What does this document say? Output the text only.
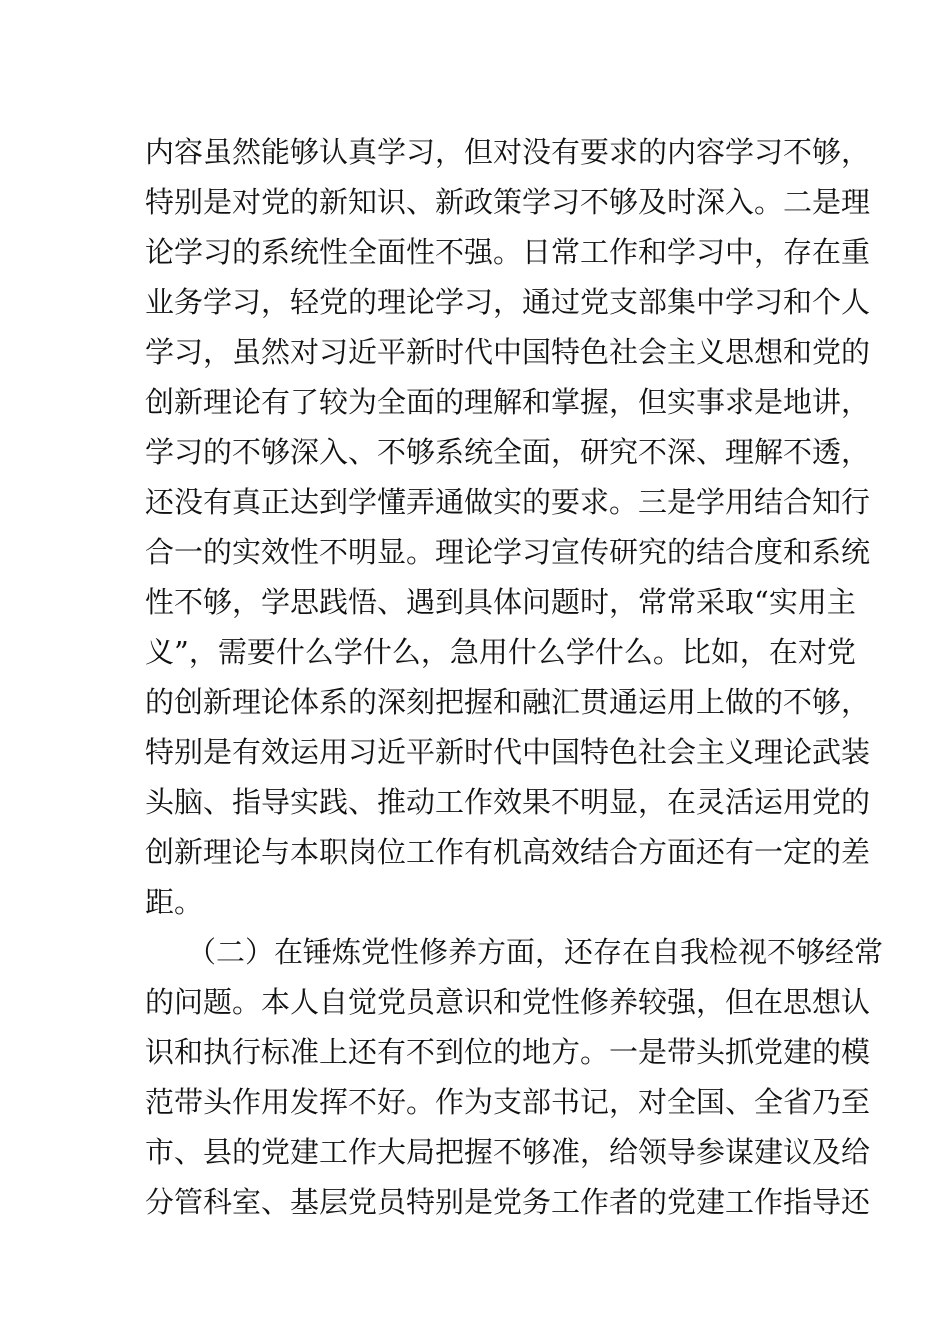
内容虽然能够认真学习，但对没有要求的内容学习不够，
特别是对党的新知识、新政策学习不够及时深入。二是理
论学习的系统性全面性不强。日常工作和学习中，存在重
业务学习，轻党的理论学习，通过党支部集中学习和个人
学习，虽然对习近平新时代中国特色社会主义思想和党的
创新理论有了较为全面的理解和掌握，但实事求是地讲，
学习的不够深入、不够系统全面，研究不深、理解不透，
还没有真正达到学懂弄通做实的要求。三是学用结合知行
合一的实效性不明显。理论学习宣传研究的结合度和系统
性不够，学思践悟、遇到具体问题时，常常采取“实用主
义”，需要什么学什么，急用什么学什么。比如，在对党
的创新理论体系的深刻把握和融汇贯通运用上做的不够，
特别是有效运用习近平新时代中国特色社会主义理论武装
头脑、指导实践、推动工作效果不明显，在灵活运用党的
创新理论与本职岗位工作有机高效结合方面还有一定的差
距。
（二）在锤炼党性修养方面，还存在自我检视不够经常
的问题。本人自觉党员意识和党性修养较强，但在思想认
识和执行标准上还有不到位的地方。一是带头抓党建的模
范带头作用发挥不好。作为支部书记，对全国、全省乃至
市、县的党建工作大局把握不够准，给领导参谋建议及给
分管科室、基层党员特别是党务工作者的党建工作指导还
